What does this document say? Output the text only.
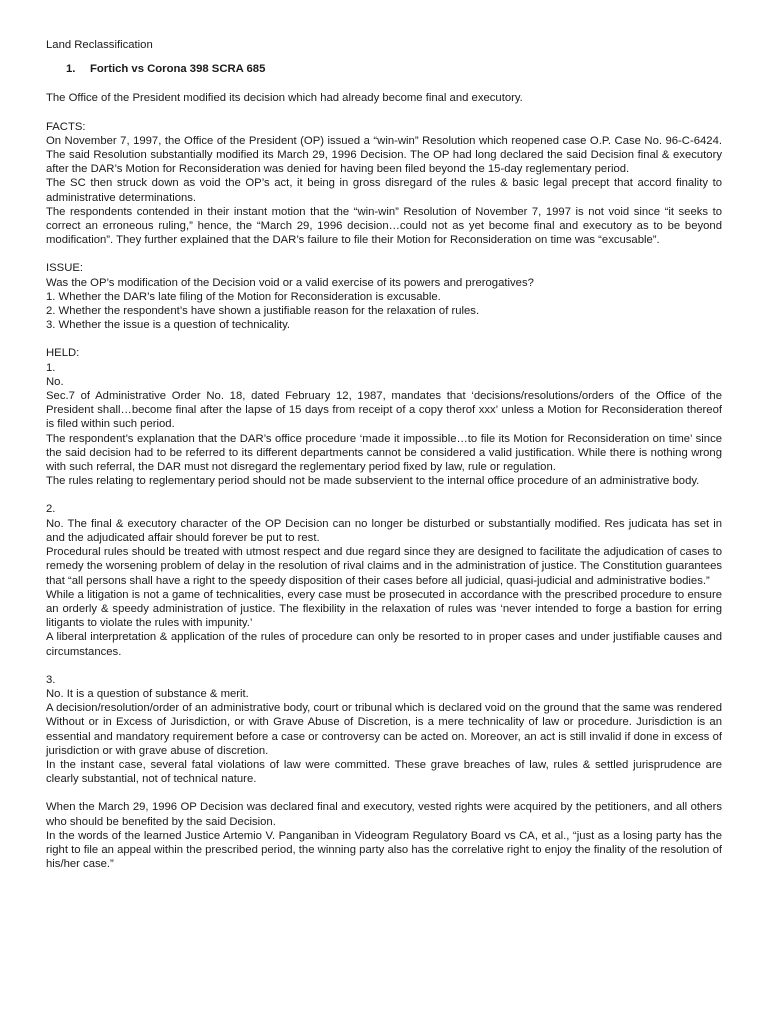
Land Reclassification

1. Fortich vs Corona 398 SCRA 685

The Office of the President modified its decision which had already become final and executory.

FACTS:

On November 7, 1997, the Office of the President (OP) issued a “win-win” Resolution which reopened case O.P. Case No. 96-C-6424. The said Resolution substantially modified its March 29, 1996 Decision. The OP had long declared the said Decision final & executory after the DAR’s Motion for Reconsideration was denied for having been filed beyond the 15-day reglementary period.

The SC then struck down as void the OP’s act, it being in gross disregard of the rules & basic legal precept that accord finality to administrative determinations.

The respondents contended in their instant motion that the “win-win” Resolution of November 7, 1997 is not void since “it seeks to correct an erroneous ruling,” hence, the “March 29, 1996 decision…could not as yet become final and executory as to be beyond modification”. They further explained that the DAR’s failure to file their Motion for Reconsideration on time was “excusable”.

ISSUE:

Was the OP’s modification of the Decision void or a valid exercise of its powers and prerogatives?

1. Whether the DAR’s late filing of the Motion for Reconsideration is excusable.

2. Whether the respondent’s have shown a justifiable reason for the relaxation of rules.

3. Whether the issue is a question of technicality.

HELD:

1.

No.

Sec.7 of Administrative Order No. 18, dated February 12, 1987, mandates that ‘decisions/resolutions/orders of the Office of the President shall…become final after the lapse of 15 days from receipt of a copy therof xxx’ unless a Motion for Reconsideration thereof is filed within such period.

The respondent’s explanation that the DAR’s office procedure ‘made it impossible…to file its Motion for Reconsideration on time’ since the said decision had to be referred to its different departments cannot be considered a valid justification. While there is nothing wrong with such referral, the DAR must not disregard the reglementary period fixed by law, rule or regulation.

The rules relating to reglementary period should not be made subservient to the internal office procedure of an administrative body.

2.

No. The final & executory character of the OP Decision can no longer be disturbed or substantially modified. Res judicata has set in and the adjudicated affair should forever be put to rest.

Procedural rules should be treated with utmost respect and due regard since they are designed to facilitate the adjudication of cases to remedy the worsening problem of delay in the resolution of rival claims and in the administration of justice. The Constitution guarantees that “all persons shall have a right to the speedy disposition of their cases before all judicial, quasi-judicial and administrative bodies.”

While a litigation is not a game of technicalities, every case must be prosecuted in accordance with the prescribed procedure to ensure an orderly & speedy administration of justice. The flexibility in the relaxation of rules was ‘never intended to forge a bastion for erring litigants to violate the rules with impunity.’

A liberal interpretation & application of the rules of procedure can only be resorted to in proper cases and under justifiable causes and circumstances.

3.

No. It is a question of substance & merit.

A decision/resolution/order of an administrative body, court or tribunal which is declared void on the ground that the same was rendered Without or in Excess of Jurisdiction, or with Grave Abuse of Discretion, is a mere technicality of law or procedure. Jurisdiction is an essential and mandatory requirement before a case or controversy can be acted on. Moreover, an act is still invalid if done in excess of jurisdiction or with grave abuse of discretion.

In the instant case, several fatal violations of law were committed. These grave breaches of law, rules & settled jurisprudence are clearly substantial, not of technical nature.

When the March 29, 1996 OP Decision was declared final and executory, vested rights were acquired by the petitioners, and all others who should be benefited by the said Decision.

In the words of the learned Justice Artemio V. Panganiban in Videogram Regulatory Board vs CA, et al., “just as a losing party has the right to file an appeal within the prescribed period, the winning party also has the correlative right to enjoy the finality of the resolution of his/her case.”
